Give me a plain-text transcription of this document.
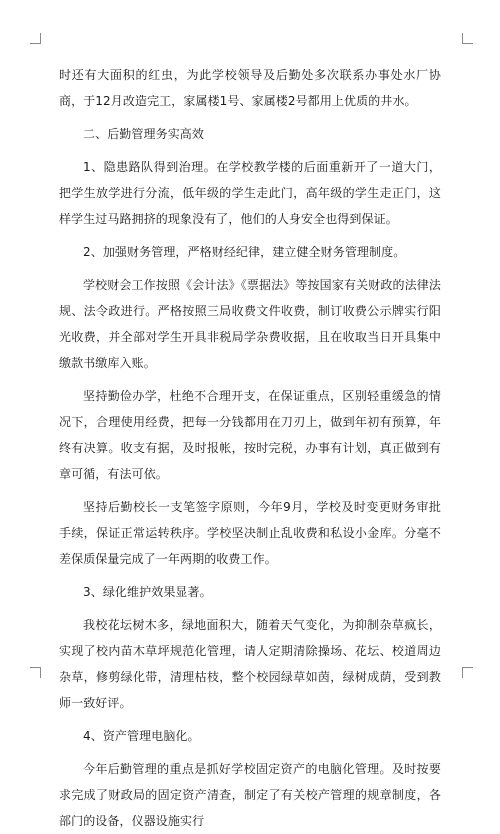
时还有大面积的红虫，为此学校领导及后勤处多次联系办事处水厂协商，于12月改造完工，家属楼1号、家属楼2号都用上优质的井水。

二、后勤管理务实高效

1、隐患路队得到治理。在学校教学楼的后面重新开了一道大门，把学生放学进行分流，低年级的学生走此门，高年级的学生走正门，这样学生过马路拥挤的现象没有了，他们的人身安全也得到保证。

2、加强财务管理，严格财经纪律，建立健全财务管理制度。

学校财会工作按照《会计法》《票据法》等按国家有关财政的法律法规、法令政进行。严格按照三局收费文件收费，制订收费公示牌实行阳光收费，并全部对学生开具非税局学杂费收据，且在收取当日开具集中缴款书缴库入账。

坚持勤俭办学，杜绝不合理开支，在保证重点，区别轻重缓急的情况下，合理使用经费，把每一分钱都用在刀刃上，做到年初有预算，年终有决算。收支有据，及时报帐，按时完税，办事有计划，真正做到有章可循，有法可依。

坚持后勤校长一支笔签字原则，今年9月，学校及时变更财务审批手续，保证正常运转秩序。学校坚决制止乱收费和私设小金库。分毫不差保质保量完成了一年两期的收费工作。

3、绿化维护效果显著。

我校花坛树木多，绿地面积大，随着天气变化，为抑制杂草疯长，实现了校内苗木草坪规范化管理，请人定期清除操场、花坛、校道周边杂草，修剪绿化带，清理枯枝，整个校园绿草如茵，绿树成荫，受到教师一致好评。

4、资产管理电脑化。

今年后勤管理的重点是抓好学校固定资产的电脑化管理。及时按要求完成了财政局的固定资产清查，制定了有关校产管理的规章制度，各部门的设备，仪器设施实行
